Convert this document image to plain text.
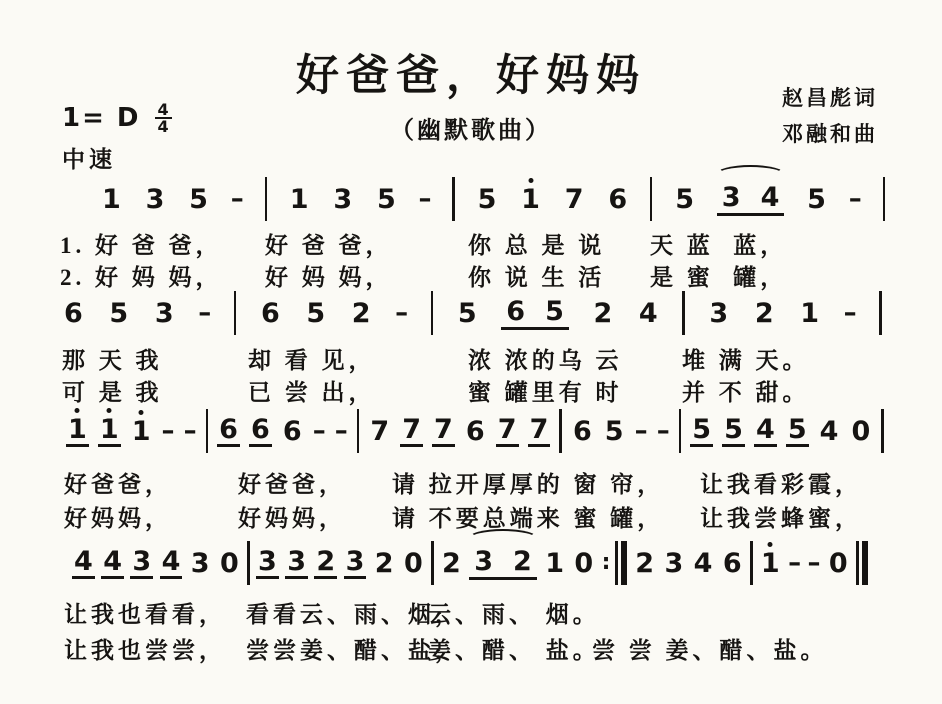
好爸爸，好妈妈
（幽默歌曲）
赵昌彪词
邓融和曲
1= D $\frac{4}{4}$
中速
1 3 5 – 1 3 5 – 5 1 7 6 5 3 4 5 –
6 5 3 – 6 5 2 – 5 6 5 2 4 3 2 1 –
1 1 1 – – 6 6 6 – – 7 7 7 6 7 7 6 5 – – 5 5 4 5 4 0
4 4 3 4 3 0 3 3 2 3 2 0 2 3 2 1 0 : 2 3 4 6 1 – – 0
1. 好 爸 爸， 好 爸 爸，	你 总 是 说 天 蓝  蓝，
2. 好 妈 妈， 好 妈 妈，	你 说 生 活 是 蜜  罐，
那 天 我	却 看 见，	浓 浓的乌 云	堆 满 天。
可 是 我	已 尝 出，	蜜 罐里有 时	并 不 甜。
好爸爸，	好爸爸， 请 拉开厚厚的 窗 帘， 让我看彩霞，
好妈妈，	好妈妈， 请 不要总端来 蜜 罐， 让我尝蜂蜜，
让我也看看， 看看云、雨、烟，
云、雨、 烟。
让我也尝尝， 尝尝姜、醋、盐，
姜、醋、 盐。
尝 尝 姜、醋、盐。
